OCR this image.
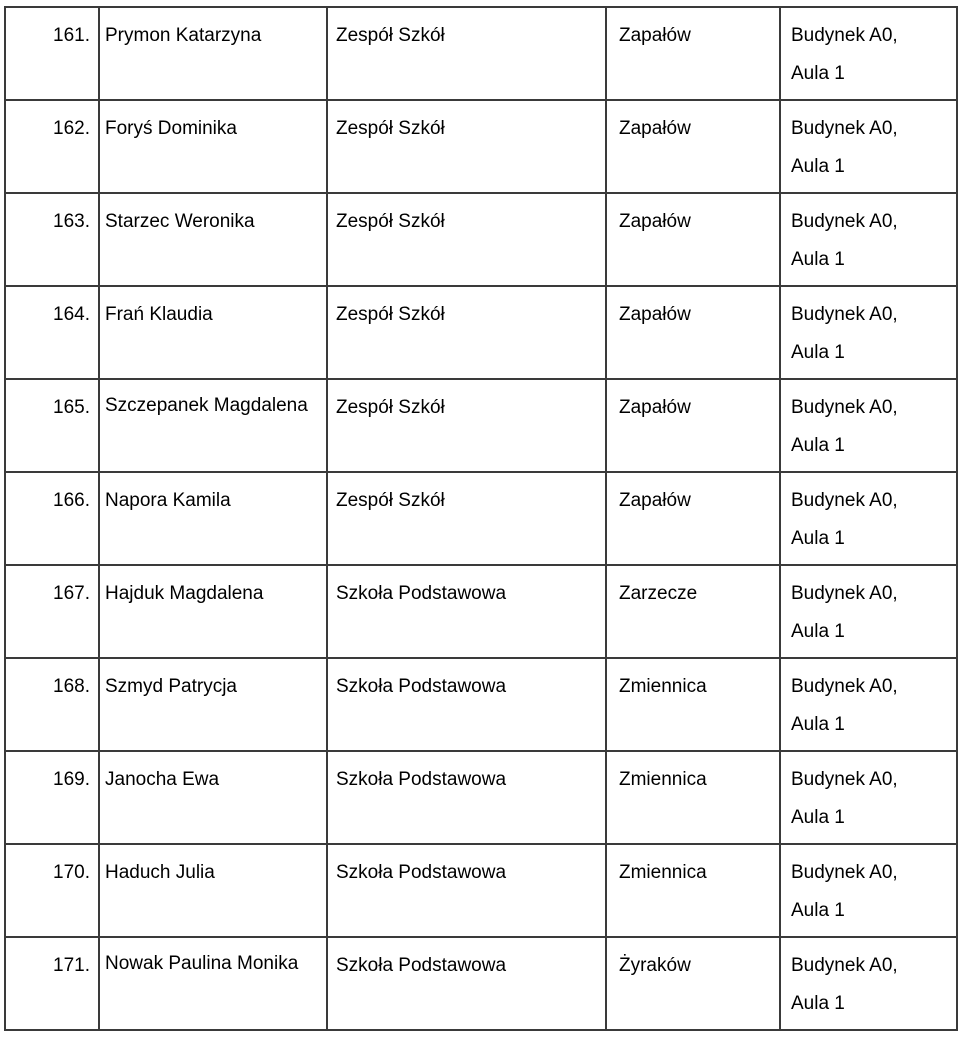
161.	Prymon Katarzyna	Zespół Szkół	Zapałów	Budynek A0,
Aula 1

162.	Foryś Dominika	Zespół Szkół	Zapałów	Budynek A0,
Aula 1

163.	Starzec Weronika	Zespół Szkół	Zapałów	Budynek A0,
Aula 1

164.	Frań Klaudia	Zespół Szkół	Zapałów	Budynek A0,
Aula 1

165.	Szczepanek Magdalena	Zespół Szkół	Zapałów	Budynek A0,
Aula 1

166.	Napora Kamila	Zespół Szkół	Zapałów	Budynek A0,
Aula 1

167.	Hajduk Magdalena	Szkoła Podstawowa	Zarzecze	Budynek A0,
Aula 1

168.	Szmyd Patrycja	Szkoła Podstawowa	Zmiennica	Budynek A0,
Aula 1

169.	Janocha Ewa	Szkoła Podstawowa	Zmiennica	Budynek A0,
Aula 1

170.	Haduch Julia	Szkoła Podstawowa	Zmiennica	Budynek A0,
Aula 1

171.	Nowak Paulina Monika	Szkoła Podstawowa	Żyraków	Budynek A0,
Aula 1
